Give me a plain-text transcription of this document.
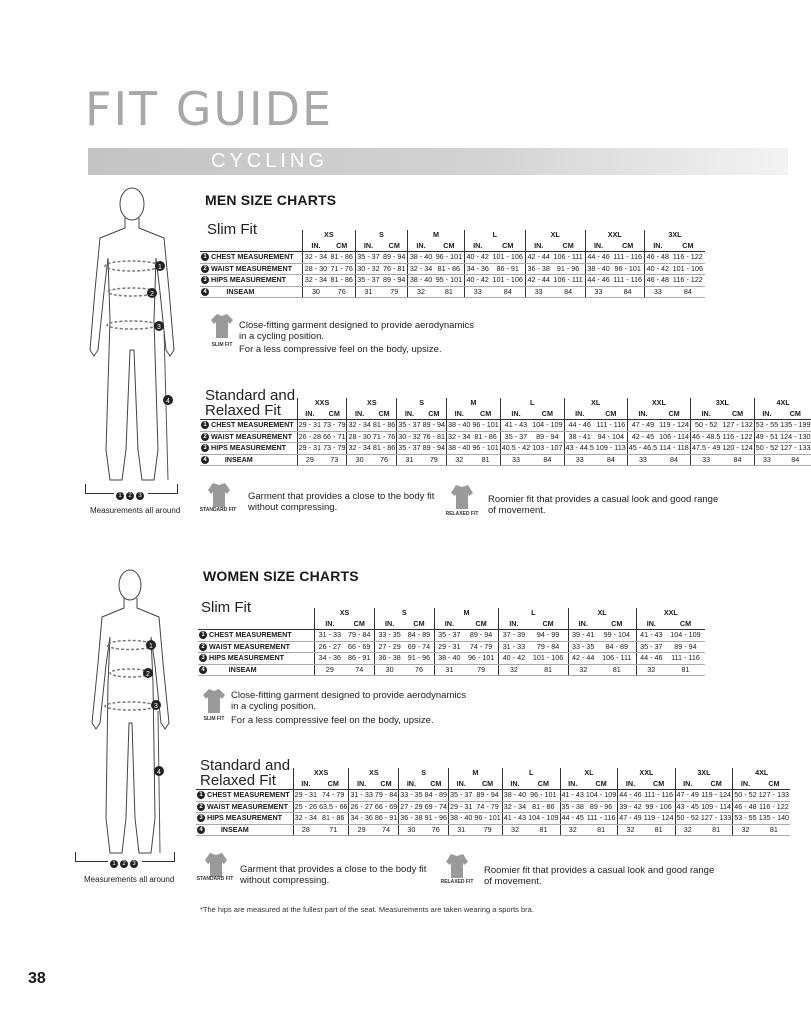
FIT GUIDE
CYCLING
1
2
3
4
1 2 3
Measurements all around
MEN SIZE CHARTS
Slim Fit
		XS		S		M		L		XL		XXL		3XL	
	IN.	CM	IN.	CM	IN.	CM	IN.	CM	IN.	CM	IN.	CM	IN.	CM
1 CHEST MEASUREMENT	32 - 34	81 - 86	35 - 37	89 - 94	38 - 40	96 - 101	40 - 42	101 - 106	42 - 44	106 - 111	44 - 46	111 - 116	46 - 48	116 - 122
2 WAIST MEASUREMENT	28 - 30	71 - 76	30 - 32	76 - 81	32 - 34	81 - 86	34 - 36	86 - 91	36 - 38	91 - 96	38 - 40	96 - 101	40 - 42	101 - 106
3 HIPS MEASUREMENT	32 - 34	81 - 86	35 - 37	89 - 94	38 - 40	95 - 101	40 - 42	101 - 106	42 - 44	106 - 111	44 - 46	111 - 116	46 - 48	116 - 122
4 INSEAM	30	76	31	79	32	81	33	84	33	84	33	84	33	84
SLIM FIT
Close-fitting garment designed to provide aerodynamics
in a cycling position.
For a less compressive feel on the body, upsize.
Standard and
Relaxed Fit
		XXS		XS		S		M		L		XL		XXL		3XL		4XL	
	IN.	CM	IN.	CM	IN.	CM	IN.	CM	IN.	CM	IN.	CM	IN.	CM	IN.	CM	IN.	CM
1 CHEST MEASUREMENT	29 - 31	73 - 79	32 - 34	81 - 86	35 - 37	89 - 94	38 - 40	96 - 101	41 - 43	104 - 109	44 - 46	111 - 116	47 - 49	119 - 124	50 - 52	127 - 132	53 - 55	135 - 199
2 WAIST MEASUREMENT	26 - 28	66 - 71	28 - 30	71 - 76	30 - 32	76 - 81	32 - 34	81 - 86	35 - 37	89 - 94	38 - 41	94 - 104	42 - 45	106 - 114	46 - 48.5	116 - 122	49 - 51	124 - 130
3 HIPS MEASUREMENT	29 - 31	73 - 79	32 - 34	81 - 86	35 - 37	89 - 94	38 - 40	96 - 101	40.5 - 42	103 - 107	43 - 44.5	109 - 113	45 - 46.5	114 - 118	47.5 - 49	120 - 124	50 - 52	127 - 133
4 INSEAM	29	73	30	76	31	79	32	81	33	84	33	84	33	84	33	84	33	84
STANDARD FIT
Garment that provides a close to the body fit
without compressing.
RELAXED FIT
Roomier fit that provides a casual look and good range
of movement.
1
2
3
4
1 2 3
Measurements all around
WOMEN SIZE CHARTS
Slim Fit
		XS		S		M		L		XL		XXL	
	IN.	CM	IN.	CM	IN.	CM	IN.	CM	IN.	CM	IN.	CM
1 CHEST MEASUREMENT	31 - 33	79 - 84	33 - 35	84 - 89	35 - 37	89 - 94	37 - 39	94 - 99	39 - 41	99 - 104	41 - 43	104 - 109
2 WAIST MEASUREMENT	26 - 27	66 - 69	27 - 29	69 - 74	29 - 31	74 - 79	31 - 33	79 - 84	33 - 35	84 - 89	35 - 37	89 - 94
3 HIPS MEASUREMENT	34 - 36	86 - 91	36 - 38	91 - 96	38 - 40	96 - 101	40 - 42	101 - 106	42 - 44	106 - 111	44 - 46	111 - 116
4 INSEAM	29	74	30	76	31	79	32	81	32	81	32	81
SLIM FIT
Close-fitting garment designed to provide aerodynamics
in a cycling position.
For a less compressive feel on the body, upsize.
Standard and
Relaxed Fit
		XXS		XS		S		M		L		XL		XXL		3XL		4XL	
	IN.	CM	IN.	CM	IN.	CM	IN.	CM	IN.	CM	IN.	CM	IN.	CM	IN.	CM	IN.	CM
1 CHEST MEASUREMENT	29 - 31	74 - 79	31 - 33	79 - 84	33 - 35	84 - 89	35 - 37	89 - 94	38 - 40	96 - 101	41 - 43	104 - 109	44 - 46	111 - 116	47 - 49	119 - 124	50 - 52	127 - 133
2 WAIST MEASUREMENT	25 - 26	63.5 - 66	26 - 27	66 - 69	27 - 29	69 - 74	29 - 31	74 - 79	32 - 34	81 - 86	35 - 38	89 - 96	39 - 42	99 - 106	43 - 45	109 - 114	46 - 48	116 - 122
3 HIPS MEASUREMENT	32 - 34	81 - 86	34 - 36	86 - 91	36 - 38	91 - 96	38 - 40	96 - 101	41 - 43	104 - 109	44 - 45	111 - 116	47 - 49	119 - 124	50 - 52	127 - 133	53 - 55	135 - 140
4 INSEAM	28	71	29	74	30	76	31	79	32	81	32	81	32	81	32	81	32	81
STANDARD FIT
Garment that provides a close to the body fit
without compressing.	RELAXED FIT
Roomier fit that provides a casual look and good range
of movement.
*The hips are measured at the fullest part of the seat. Measurements are taken wearing a sports bra.
38
